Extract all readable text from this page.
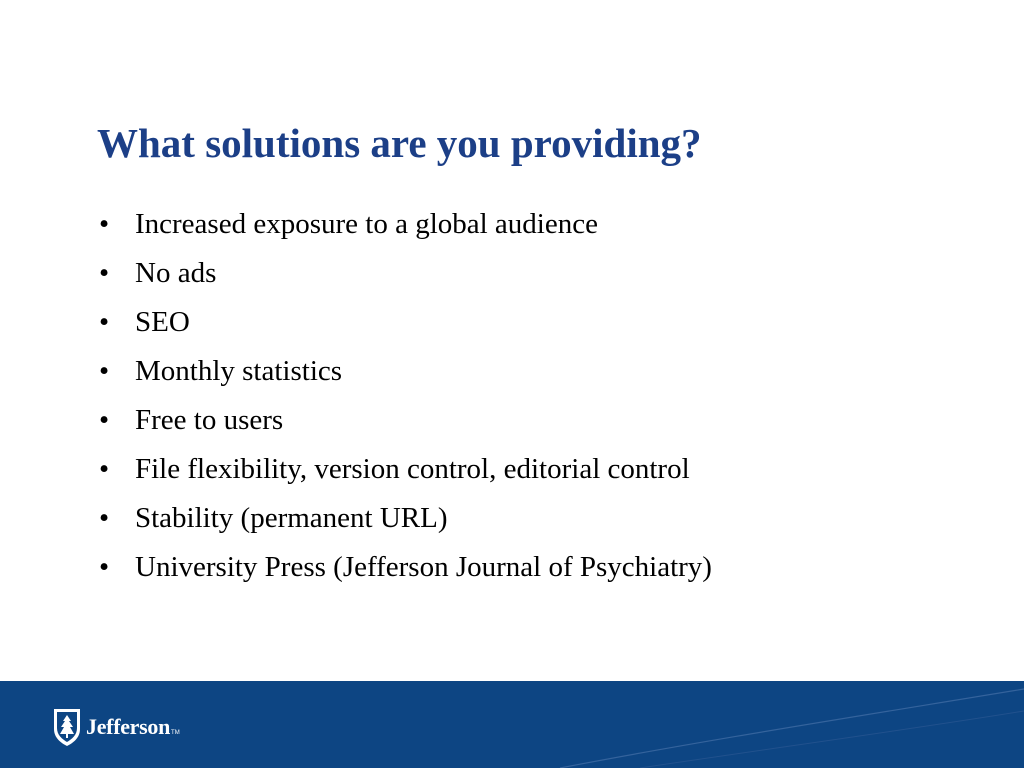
What solutions are you providing?
• Increased exposure to a global audience
• No ads
• SEO
• Monthly statistics
• Free to users
• File flexibility, version control, editorial control
• Stability (permanent URL)
• University Press (Jefferson Journal of Psychiatry)
Jefferson TM
